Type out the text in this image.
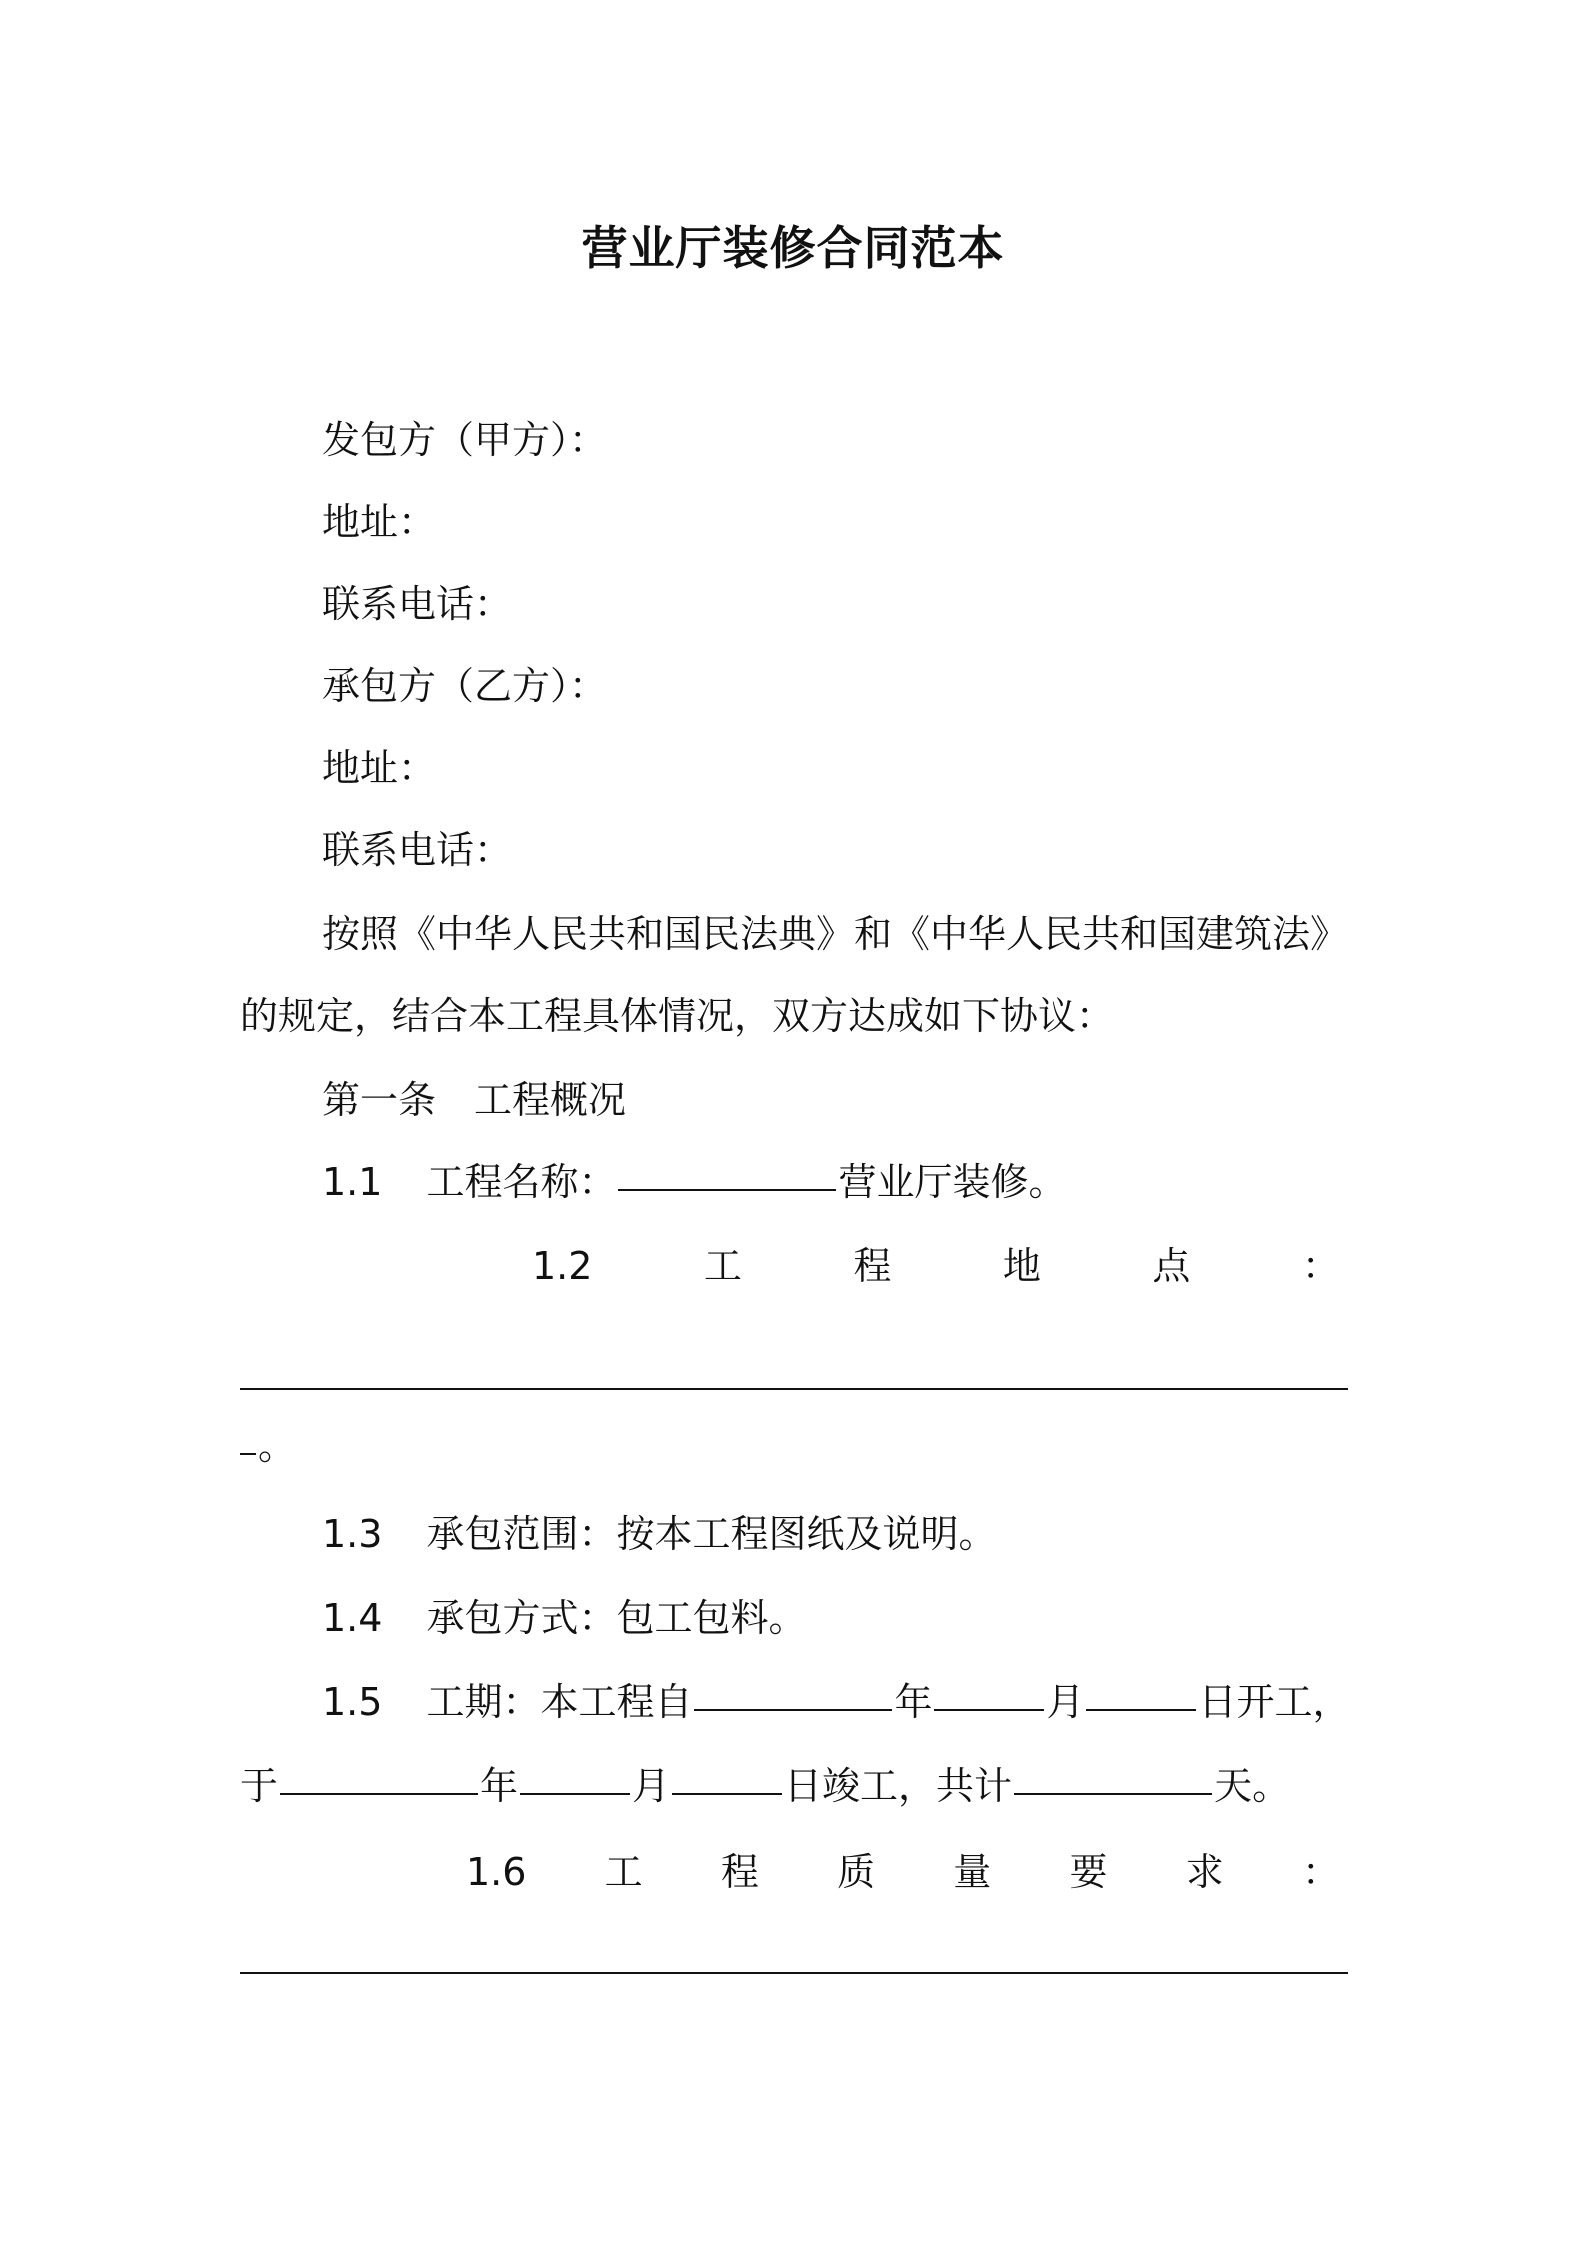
营业厅装修合同范本
发包方（甲方）：
地址：
联系电话：
承包方（乙方）：
地址：
联系电话：
按照《中华人民共和国民法典》和《中华人民共和国建筑法》
的规定，结合本工程具体情况，双方达成如下协议：
第一条　工程概况
1.1 工程名称：	营业厅装修。
1.2	工	程	地	点	：
。
1.3 承包范围：按本工程图纸及说明。
1.4 承包方式：包工包料。
1.5 工期：本工程自	年	月	日开工，
于	年	月	日竣工，共计	天。
1.6 工 程 质 量 要 求 ：
